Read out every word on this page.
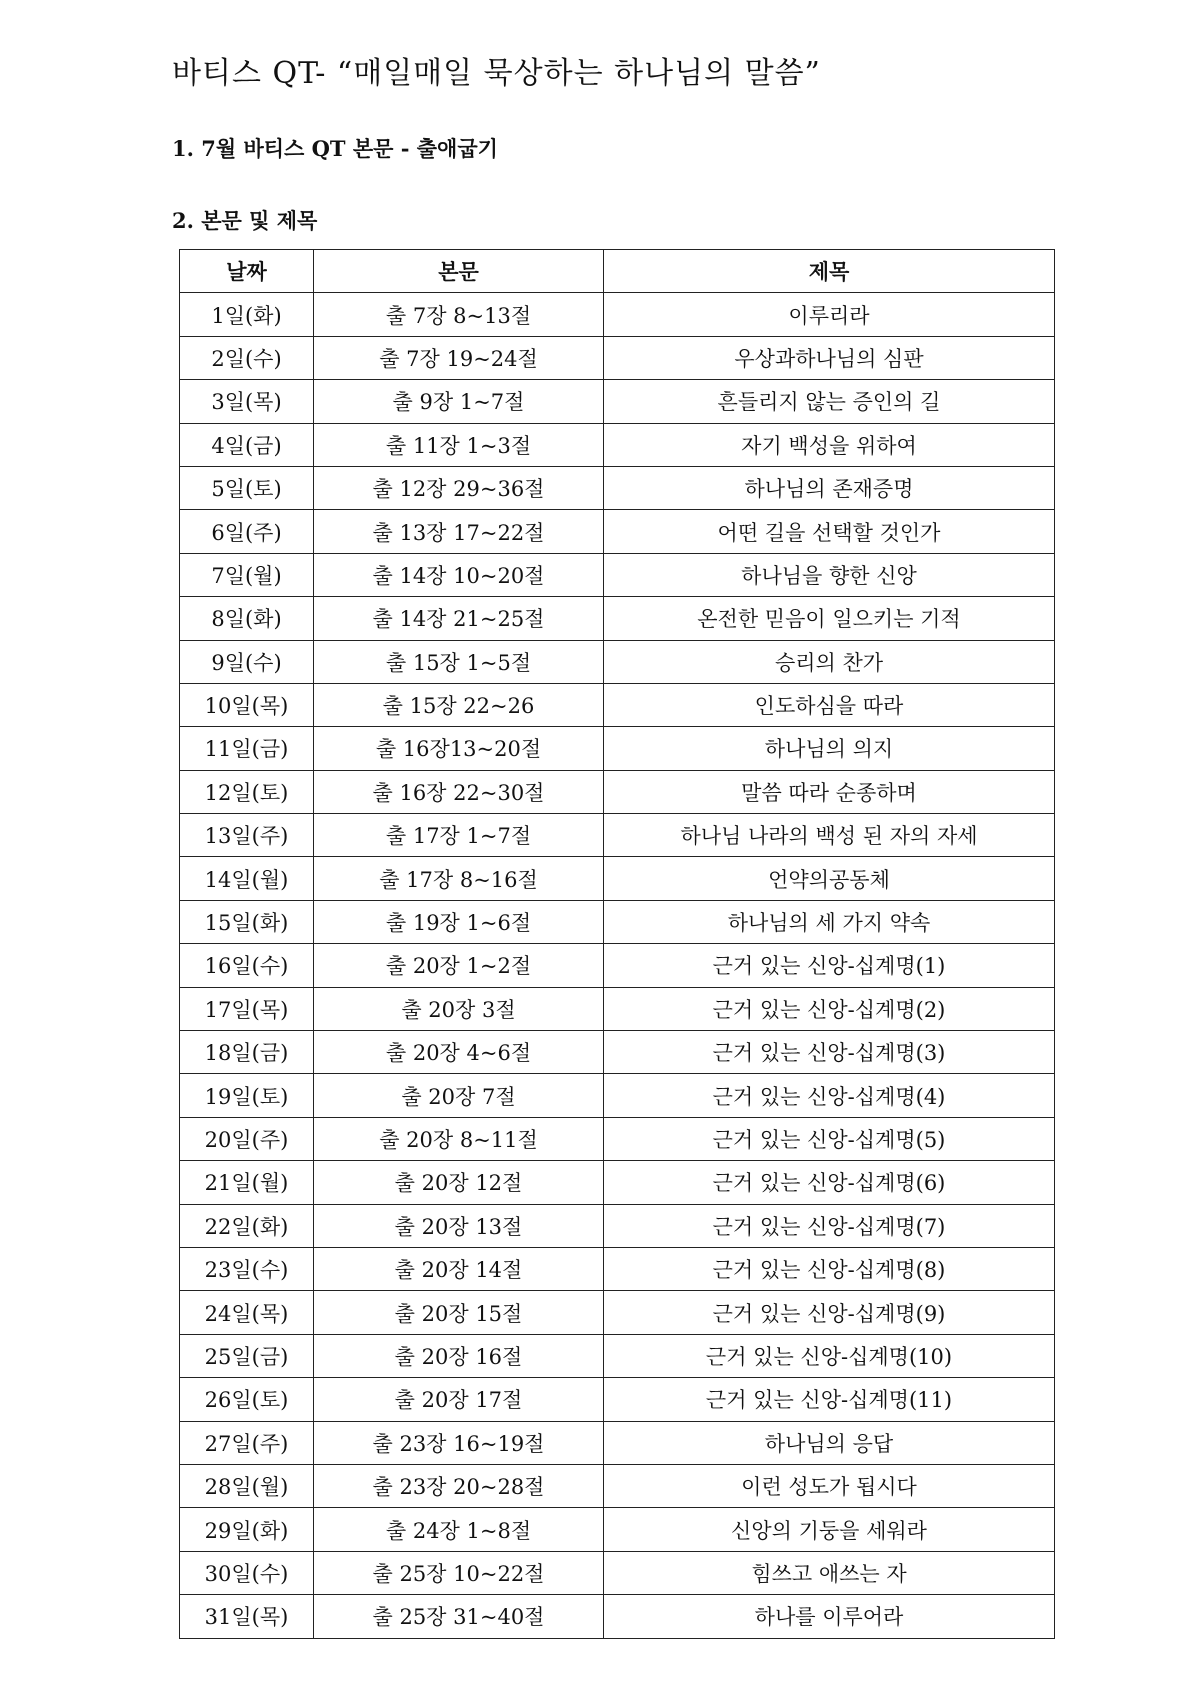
바티스 QT- “매일매일 묵상하는 하나님의 말씀”
1. 7월 바티스 QT 본문 - 출애굽기
2. 본문 및 제목
날짜	본문	제목
1일(화)	출 7장 8~13절	이루리라
2일(수)	출 7장 19~24절	우상과하나님의 심판
3일(목)	출 9장 1~7절	흔들리지 않는 증인의 길
4일(금)	출 11장 1~3절	자기 백성을 위하여
5일(토)	출 12장 29~36절	하나님의 존재증명
6일(주)	출 13장 17~22절	어떤 길을 선택할 것인가
7일(월)	출 14장 10~20절	하나님을 향한 신앙
8일(화)	출 14장 21~25절	온전한 믿음이 일으키는 기적
9일(수)	출 15장 1~5절	승리의 찬가
10일(목)	출 15장 22~26	인도하심을 따라
11일(금)	출 16장13~20절	하나님의 의지
12일(토)	출 16장 22~30절	말씀 따라 순종하며
13일(주)	출 17장 1~7절	하나님 나라의 백성 된 자의 자세
14일(월)	출 17장 8~16절	언약의공동체
15일(화)	출 19장 1~6절	하나님의 세 가지 약속
16일(수)	출 20장 1~2절	근거 있는 신앙-십계명(1)
17일(목)	출 20장 3절	근거 있는 신앙-십계명(2)
18일(금)	출 20장 4~6절	근거 있는 신앙-십계명(3)
19일(토)	출 20장 7절	근거 있는 신앙-십계명(4)
20일(주)	출 20장 8~11절	근거 있는 신앙-십계명(5)
21일(월)	출 20장 12절	근거 있는 신앙-십계명(6)
22일(화)	출 20장 13절	근거 있는 신앙-십계명(7)
23일(수)	출 20장 14절	근거 있는 신앙-십계명(8)
24일(목)	출 20장 15절	근거 있는 신앙-십계명(9)
25일(금)	출 20장 16절	근거 있는 신앙-십계명(10)
26일(토)	출 20장 17절	근거 있는 신앙-십계명(11)
27일(주)	출 23장 16~19절	하나님의 응답
28일(월)	출 23장 20~28절	이런 성도가 됩시다
29일(화)	출 24장 1~8절	신앙의 기둥을 세워라
30일(수)	출 25장 10~22절	힘쓰고 애쓰는 자
31일(목)	출 25장 31~40절	하나를 이루어라
